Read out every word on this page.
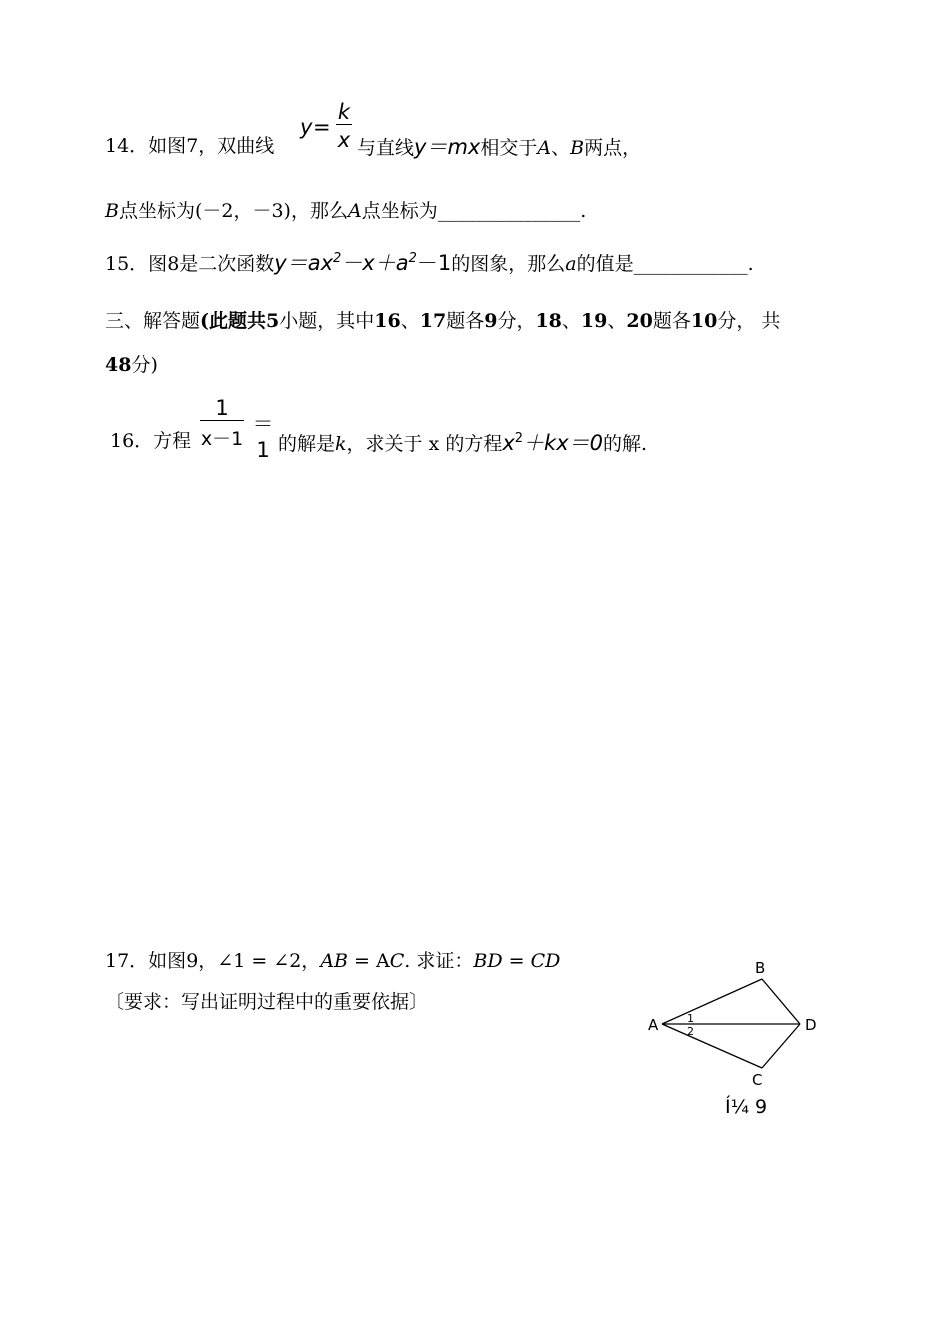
14．如图7，双曲线
y =
k
x 与直线y＝mx相交于A、B两点，
B点坐标为(－2，－3)，那么A点坐标为_______________.
15．图8是二次函数$y=ax^2-x+a^2-1$的图象，那么a的值是____________.
三、解答题(此题共5小题，其中16、17题各9分，18、19、20题各10分， 共
48分)
16．方程
1
x－1
＝1 的解是k，求关于 x 的方程$x^2+kx=0$的解.
17．如图9，∠1 = ∠2，AB = AC. 求证：BD = CD
〔要求：写出证明过程中的重要依据〕
A
B
D
C
1
2
Í¼ 9
